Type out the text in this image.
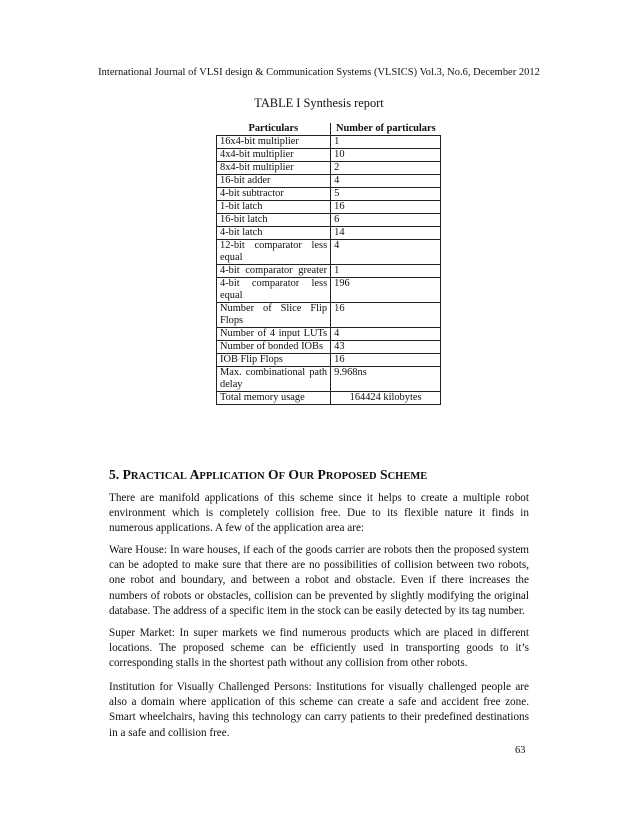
International Journal of VLSI design & Communication Systems (VLSICS) Vol.3, No.6, December 2012
TABLE I Synthesis report
Particulars	Number of particulars
16x4-bit multiplier	1
4x4-bit multiplier	10
8x4-bit multiplier	2
16-bit adder	4
4-bit subtractor	5
1-bit latch	16
16-bit latch	6
4-bit latch	14
12-bit comparator less equal	4
4-bit comparator greater	1
4-bit comparator less equal	196
Number of Slice Flip Flops	16
Number of 4 input LUTs	4
Number of bonded IOBs	43
IOB Flip Flops	16
Max. combinational path delay	9.968ns
Total memory usage	164424 kilobytes
5. PRACTICAL APPLICATION OF OUR PROPOSED SCHEME

There are manifold applications of this scheme since it helps to create a multiple robot environment which is completely collision free. Due to its flexible nature it finds in numerous applications. A few of the application area are:

Ware House: In ware houses, if each of the goods carrier are robots then the proposed system can be adopted to make sure that there are no possibilities of collision between two robots, one robot and boundary, and between a robot and obstacle. Even if there increases the numbers of robots or obstacles, collision can be prevented by slightly modifying the original database. The address of a specific item in the stock can be easily detected by its tag number.

Super Market: In super markets we find numerous products which are placed in different locations. The proposed scheme can be efficiently used in transporting goods to it’s corresponding stalls in the shortest path without any collision from other robots.

Institution for Visually Challenged Persons: Institutions for visually challenged people are also a domain where application of this scheme can create a safe and accident free zone. Smart wheelchairs, having this technology can carry patients to their predefined destinations in a safe and collision free.

63
